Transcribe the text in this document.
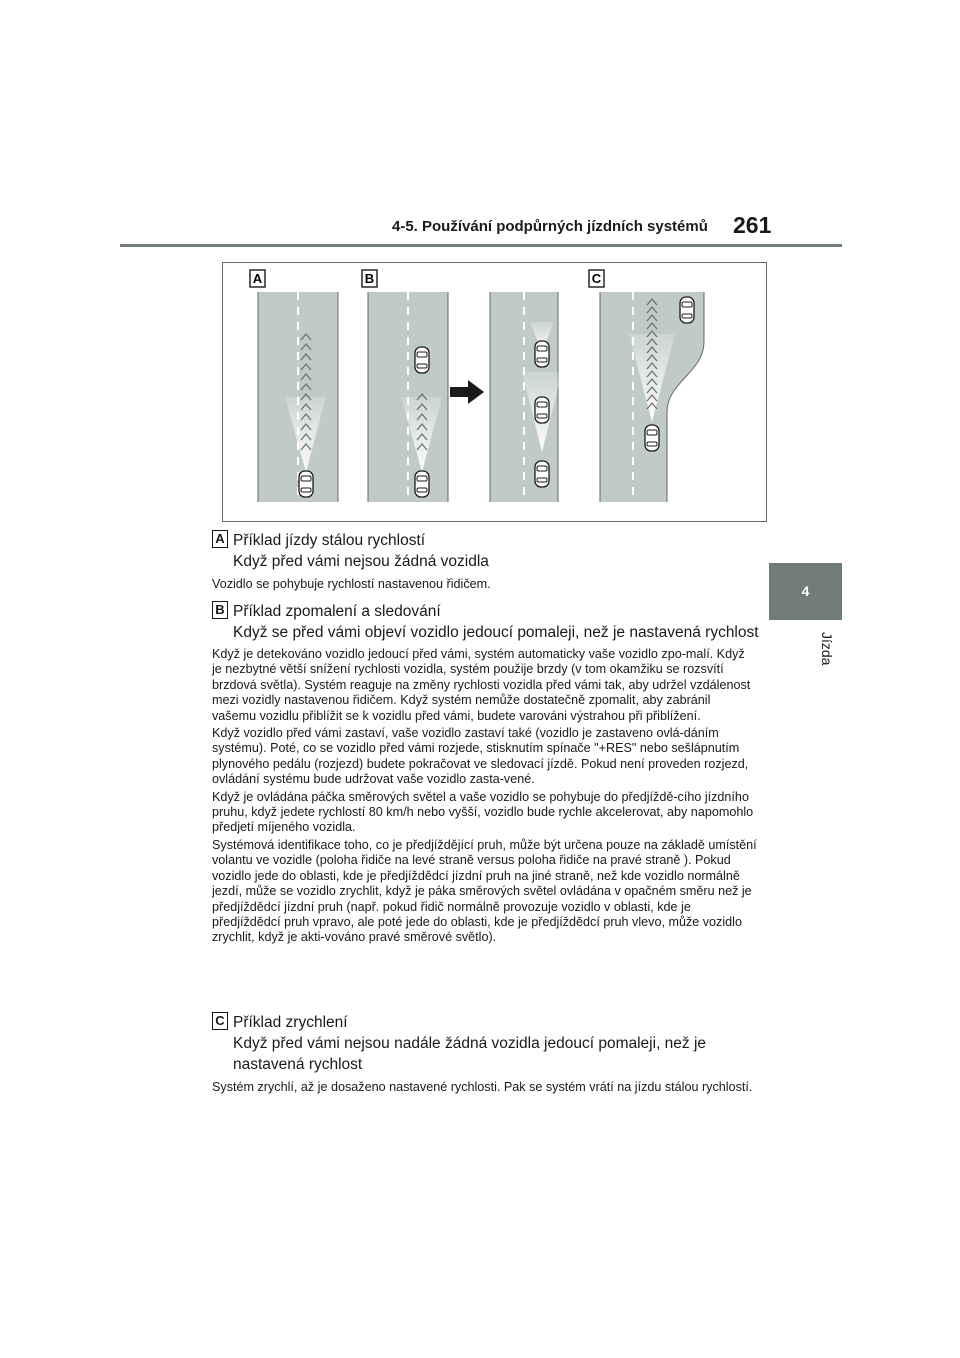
4-5. Používání podpůrných jízdních systémů 261
4
Jízda
A	B	C
A Příklad jízdy stálou rychlostí
Když před vámi nejsou žádná vozidla

Vozidlo se pohybuje rychlostí nastavenou řidičem.

B Příklad zpomalení a sledování
Když se před vámi objeví vozidlo jedoucí pomaleji, než je nastavená rychlost

Když je detekováno vozidlo jedoucí před vámi, systém automaticky vaše vozidlo zpo-malí. Když je nezbytné větší snížení rychlosti vozidla, systém použije brzdy (v tom okamžiku se rozsvítí brzdová světla). Systém reaguje na změny rychlosti vozidla před vámi tak, aby udržel vzdálenost mezi vozidly nastavenou řidičem. Když systém nemůže dostatečně zpomalit, aby zabránil vašemu vozidlu přiblížit se k vozidlu před vámi, budete varováni výstrahou při přiblížení.

Když vozidlo před vámi zastaví, vaše vozidlo zastaví také (vozidlo je zastaveno ovlá-dáním systému). Poté, co se vozidlo před vámi rozjede, stisknutím spínače "+RES" nebo sešlápnutím plynového pedálu (rozjezd) budete pokračovat ve sledovací jízdě. Pokud není proveden rozjezd, ovládání systému bude udržovat vaše vozidlo zasta-vené.

Když je ovládána páčka směrových světel a vaše vozidlo se pohybuje do předjíždě-cího jízdního pruhu, když jedete rychlostí 80 km/h nebo vyšší, vozidlo bude rychle akcelerovat, aby napomohlo předjetí míjeného vozidla.

Systémová identifikace toho, co je předjíždějící pruh, může být určena pouze na základě umístění volantu ve vozidle (poloha řidiče na levé straně versus poloha řidiče na pravé straně ). Pokud vozidlo jede do oblasti, kde je předjíždědcí jízdní pruh na jiné straně, než kde vozidlo normálně jezdí, může se vozidlo zrychlit, když je páka směrových světel ovládána v opačném směru než je předjíždědcí jízdní pruh (např. pokud řidič normálně provozuje vozidlo v oblasti, kde je předjíždědcí pruh vpravo, ale poté jede do oblasti, kde je předjíždědcí pruh vlevo, může vozidlo zrychlit, když je akti-vováno pravé směrové světlo).

C Příklad zrychlení
Když před vámi nejsou nadále žádná vozidla jedoucí pomaleji, než je
nastavená rychlost

Systém zrychlí, až je dosaženo nastavené rychlosti. Pak se systém vrátí na jízdu stálou rychlostí.
